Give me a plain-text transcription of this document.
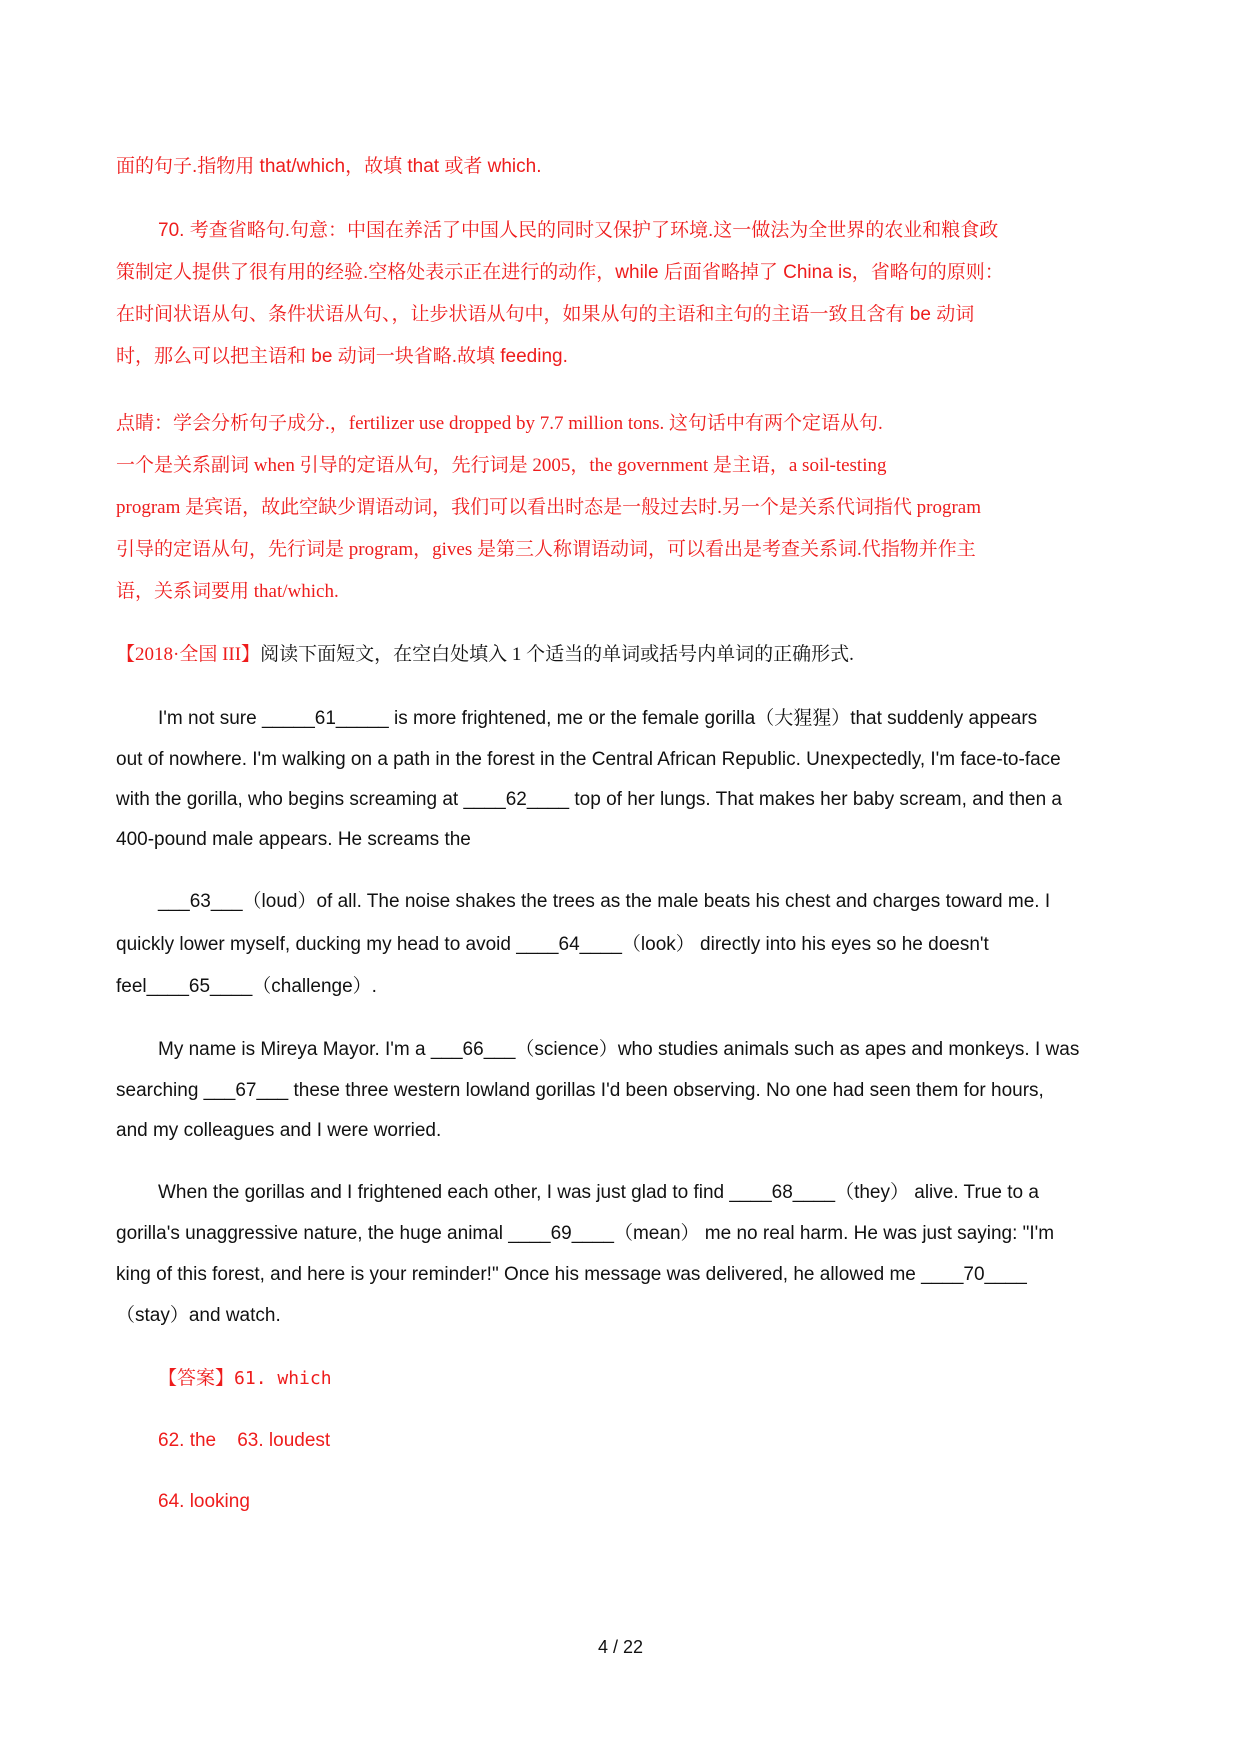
面的句子.指物用 that/which，故填 that 或者 which.
70. 考查省略句.句意：中国在养活了中国人民的同时又保护了环境.这一做法为全世界的农业和粮食政
策制定人提供了很有用的经验.空格处表示正在进行的动作，while 后面省略掉了 China is，省略句的原则：
在时间状语从句、条件状语从句、，让步状语从句中，如果从句的主语和主句的主语一致且含有 be 动词
时，那么可以把主语和 be 动词一块省略.故填 feeding.
点睛：学会分析句子成分.，fertilizer use dropped by 7.7 million tons. 这句话中有两个定语从句.
一个是关系副词 when 引导的定语从句，先行词是 2005，the government 是主语，a soil-testing
program 是宾语，故此空缺少谓语动词，我们可以看出时态是一般过去时.另一个是关系代词指代 program
引导的定语从句，先行词是 program，gives 是第三人称谓语动词，可以看出是考查关系词.代指物并作主
语，关系词要用 that/which.
【2018·全国 III】阅读下面短文，在空白处填入 1 个适当的单词或括号内单词的正确形式.
I'm not sure _____61_____ is more frightened, me or the female gorilla（大猩猩）that suddenly appears
out of nowhere. I'm walking on a path in the forest in the Central African Republic. Unexpectedly, I'm face-to-face
with the gorilla, who begins screaming at ____62____ top of her lungs. That makes her baby scream, and then a
400-pound male appears. He screams the
___63___（loud）of all. The noise shakes the trees as the male beats his chest and charges toward me. I
quickly lower myself, ducking my head to avoid ____64____（look） directly into his eyes so he doesn't
feel____65____（challenge）.
My name is Mireya Mayor. I'm a ___66___（science）who studies animals such as apes and monkeys. I was
searching ___67___ these three western lowland gorillas I'd been observing. No one had seen them for hours,
and my colleagues and I were worried.
When the gorillas and I frightened each other, I was just glad to find ____68____（they） alive. True to a
gorilla's unaggressive nature, the huge animal ____69____（mean） me no real harm. He was just saying: "I'm
king of this forest, and here is your reminder!" Once his message was delivered, he allowed me ____70____
（stay）and watch.
【答案】61. which
62. the    63. loudest
64. looking
4 / 22
